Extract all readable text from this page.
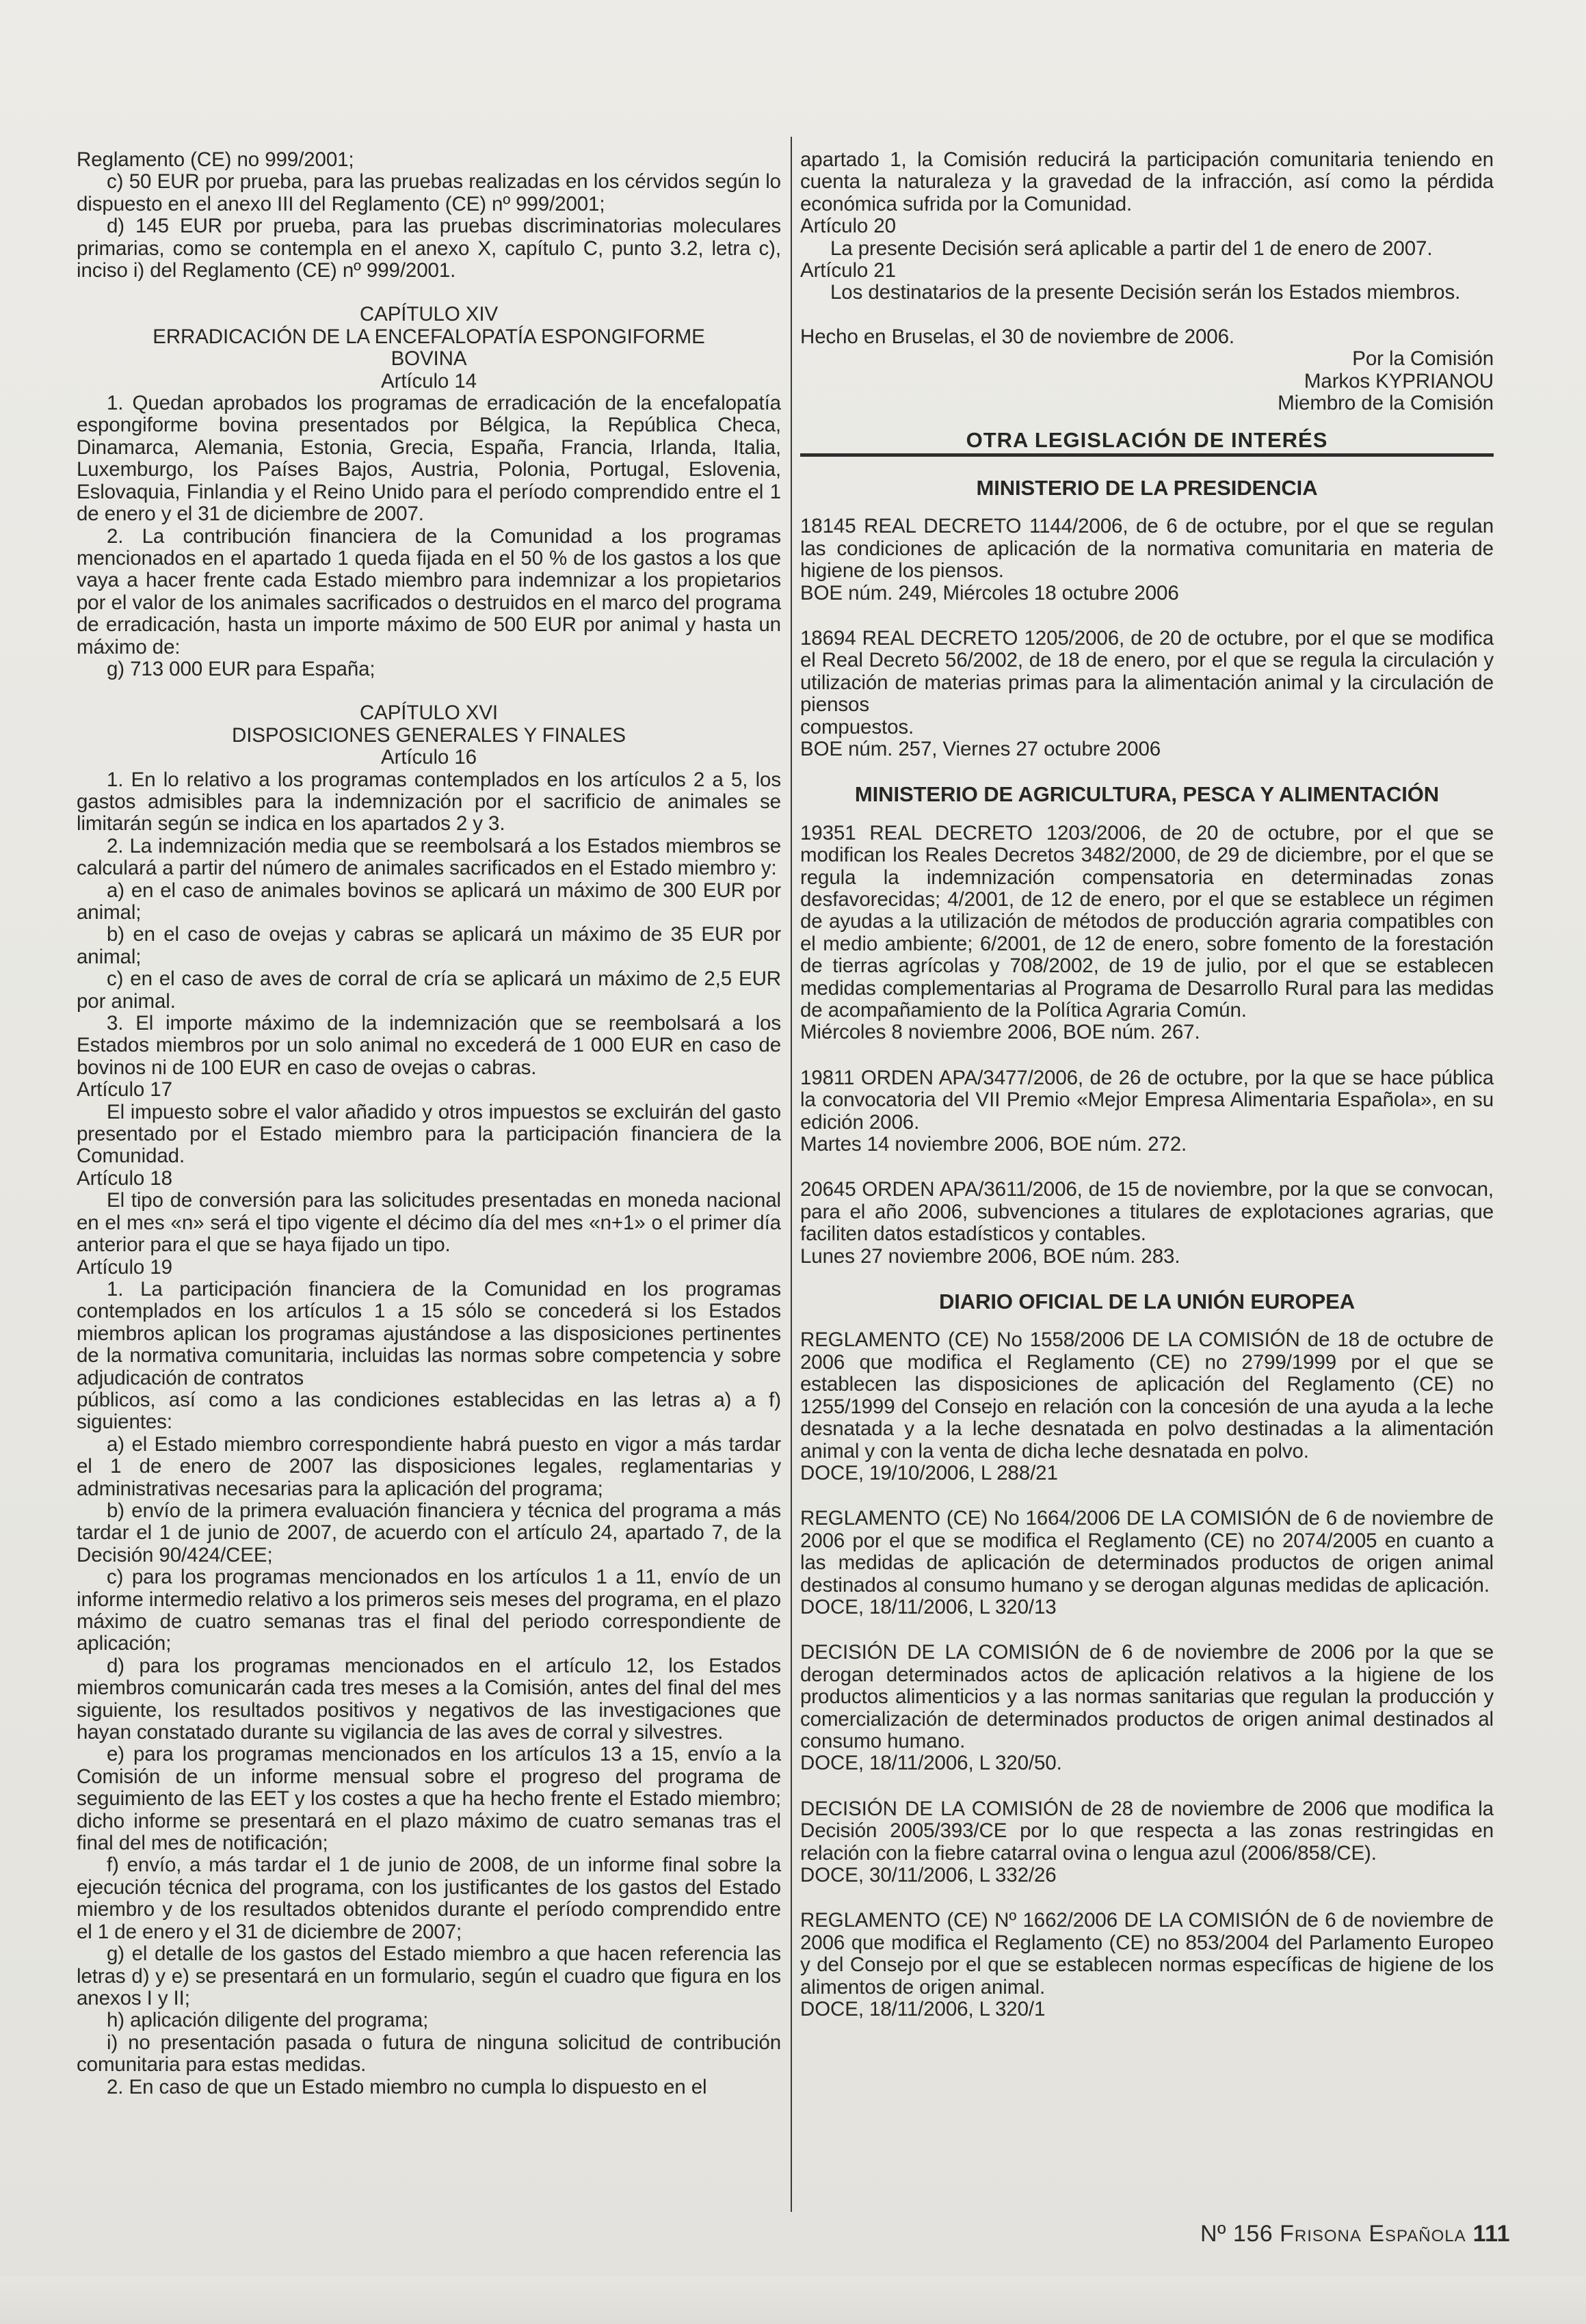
Reglamento (CE) no 999/2001;

c) 50 EUR por prueba, para las pruebas realizadas en los cérvidos según lo dispuesto en el anexo III del Reglamento (CE) nº 999/2001;

d) 145 EUR por prueba, para las pruebas discriminatorias moleculares primarias, como se contempla en el anexo X, capítulo C, punto 3.2, letra c), inciso i) del Reglamento (CE) nº 999/2001.

CAPÍTULO XIV

ERRADICACIÓN DE LA ENCEFALOPATÍA ESPONGIFORME

BOVINA

Artículo 14

1. Quedan aprobados los programas de erradicación de la encefalopatía espongiforme bovina presentados por Bélgica, la República Checa, Dinamarca, Alemania, Estonia, Grecia, España, Francia, Irlanda, Italia, Luxemburgo, los Países Bajos, Austria, Polonia, Portugal, Eslovenia, Eslovaquia, Finlandia y el Reino Unido para el período comprendido entre el 1 de enero y el 31 de diciembre de 2007.

2. La contribución financiera de la Comunidad a los programas mencionados en el apartado 1 queda fijada en el 50 % de los gastos a los que vaya a hacer frente cada Estado miembro para indemnizar a los propietarios por el valor de los animales sacrificados o destruidos en el marco del programa de erradicación, hasta un importe máximo de 500 EUR por animal y hasta un máximo de:

g) 713 000 EUR para España;

CAPÍTULO XVI

DISPOSICIONES GENERALES Y FINALES

Artículo 16

1. En lo relativo a los programas contemplados en los artículos 2 a 5, los gastos admisibles para la indemnización por el sacrificio de animales se limitarán según se indica en los apartados 2 y 3.

2. La indemnización media que se reembolsará a los Estados miembros se calculará a partir del número de animales sacrificados en el Estado miembro y:

a) en el caso de animales bovinos se aplicará un máximo de 300 EUR por animal;

b) en el caso de ovejas y cabras se aplicará un máximo de 35 EUR por animal;

c) en el caso de aves de corral de cría se aplicará un máximo de 2,5 EUR por animal.

3. El importe máximo de la indemnización que se reembolsará a los Estados miembros por un solo animal no excederá de 1 000 EUR en caso de bovinos ni de 100 EUR en caso de ovejas o cabras.

Artículo 17

El impuesto sobre el valor añadido y otros impuestos se excluirán del gasto presentado por el Estado miembro para la participación financiera de la Comunidad.

Artículo 18

El tipo de conversión para las solicitudes presentadas en moneda nacional en el mes «n» será el tipo vigente el décimo día del mes «n+1» o el primer día anterior para el que se haya fijado un tipo.

Artículo 19

1. La participación financiera de la Comunidad en los programas contemplados en los artículos 1 a 15 sólo se concederá si los Estados miembros aplican los programas ajustándose a las disposiciones pertinentes de la normativa comunitaria, incluidas las normas sobre competencia y sobre adjudicación de contratos

públicos, así como a las condiciones establecidas en las letras a) a f) siguientes:

a) el Estado miembro correspondiente habrá puesto en vigor a más tardar el 1 de enero de 2007 las disposiciones legales, reglamentarias y administrativas necesarias para la aplicación del programa;

b) envío de la primera evaluación financiera y técnica del programa a más tardar el 1 de junio de 2007, de acuerdo con el artículo 24, apartado 7, de la Decisión 90/424/CEE;

c) para los programas mencionados en los artículos 1 a 11, envío de un informe intermedio relativo a los primeros seis meses del programa, en el plazo máximo de cuatro semanas tras el final del periodo correspondiente de aplicación;

d) para los programas mencionados en el artículo 12, los Estados miembros comunicarán cada tres meses a la Comisión, antes del final del mes siguiente, los resultados positivos y negativos de las investigaciones que hayan constatado durante su vigilancia de las aves de corral y silvestres.

e) para los programas mencionados en los artículos 13 a 15, envío a la Comisión de un informe mensual sobre el progreso del programa de seguimiento de las EET y los costes a que ha hecho frente el Estado miembro; dicho informe se presentará en el plazo máximo de cuatro semanas tras el final del mes de notificación;

f) envío, a más tardar el 1 de junio de 2008, de un informe final sobre la ejecución técnica del programa, con los justificantes de los gastos del Estado miembro y de los resultados obtenidos durante el período comprendido entre el 1 de enero y el 31 de diciembre de 2007;

g) el detalle de los gastos del Estado miembro a que hacen referencia las letras d) y e) se presentará en un formulario, según el cuadro que figura en los anexos I y II;

h) aplicación diligente del programa;

i) no presentación pasada o futura de ninguna solicitud de contribución comunitaria para estas medidas.

2. En caso de que un Estado miembro no cumpla lo dispuesto en el

apartado 1, la Comisión reducirá la participación comunitaria teniendo en cuenta la naturaleza y la gravedad de la infracción, así como la pérdida económica sufrida por la Comunidad.

Artículo 20

La presente Decisión será aplicable a partir del 1 de enero de 2007.

Artículo 21

Los destinatarios de la presente Decisión serán los Estados miembros.

Hecho en Bruselas, el 30 de noviembre de 2006.

Por la Comisión

Markos KYPRIANOU

Miembro de la Comisión

OTRA LEGISLACIÓN DE INTERÉS
MINISTERIO DE LA PRESIDENCIA

18145 REAL DECRETO 1144/2006, de 6 de octubre, por el que se regulan las condiciones de aplicación de la normativa comunitaria en materia de higiene de los piensos.

BOE núm. 249, Miércoles 18 octubre 2006

18694 REAL DECRETO 1205/2006, de 20 de octubre, por el que se modifica el Real Decreto 56/2002, de 18 de enero, por el que se regula la circulación y utilización de materias primas para la alimentación animal y la circulación de piensos

compuestos.

BOE núm. 257, Viernes 27 octubre 2006

MINISTERIO DE AGRICULTURA, PESCA Y ALIMENTACIÓN

19351 REAL DECRETO 1203/2006, de 20 de octubre, por el que se modifican los Reales Decretos 3482/2000, de 29 de diciembre, por el que se regula la indemnización compensatoria en determinadas zonas desfavorecidas; 4/2001, de 12 de enero, por el que se establece un régimen de ayudas a la utilización de métodos de producción agraria compatibles con el medio ambiente; 6/2001, de 12 de enero, sobre fomento de la forestación de tierras agrícolas y 708/2002, de 19 de julio, por el que se establecen medidas complementarias al Programa de Desarrollo Rural para las medidas de acompañamiento de la Política Agraria Común.

Miércoles 8 noviembre 2006, BOE núm. 267.

19811 ORDEN APA/3477/2006, de 26 de octubre, por la que se hace pública la convocatoria del VII Premio «Mejor Empresa Alimentaria Española», en su edición 2006.

Martes 14 noviembre 2006, BOE núm. 272.

20645 ORDEN APA/3611/2006, de 15 de noviembre, por la que se convocan, para el año 2006, subvenciones a titulares de explotaciones agrarias, que faciliten datos estadísticos y contables.

Lunes 27 noviembre 2006, BOE núm. 283.

DIARIO OFICIAL DE LA UNIÓN EUROPEA

REGLAMENTO (CE) No 1558/2006 DE LA COMISIÓN de 18 de octubre de 2006 que modifica el Reglamento (CE) no 2799/1999 por el que se establecen las disposiciones de aplicación del Reglamento (CE) no 1255/1999 del Consejo en relación con la concesión de una ayuda a la leche desnatada y a la leche desnatada en polvo destinadas a la alimentación animal y con la venta de dicha leche desnatada en polvo.

DOCE, 19/10/2006, L 288/21

REGLAMENTO (CE) No 1664/2006 DE LA COMISIÓN de 6 de noviembre de 2006 por el que se modifica el Reglamento (CE) no 2074/2005 en cuanto a las medidas de aplicación de determinados productos de origen animal destinados al consumo humano y se derogan algunas medidas de aplicación.

DOCE, 18/11/2006, L 320/13

DECISIÓN DE LA COMISIÓN de 6 de noviembre de 2006 por la que se derogan determinados actos de aplicación relativos a la higiene de los productos alimenticios y a las normas sanitarias que regulan la producción y comercialización de determinados productos de origen animal destinados al consumo humano.

DOCE, 18/11/2006, L 320/50.

DECISIÓN DE LA COMISIÓN de 28 de noviembre de 2006 que modifica la Decisión 2005/393/CE por lo que respecta a las zonas restringidas en relación con la fiebre catarral ovina o lengua azul (2006/858/CE).

DOCE, 30/11/2006, L 332/26

REGLAMENTO (CE) Nº 1662/2006 DE LA COMISIÓN de 6 de noviembre de 2006 que modifica el Reglamento (CE) no 853/2004 del Parlamento Europeo y del Consejo por el que se establecen normas específicas de higiene de los alimentos de origen animal.

DOCE, 18/11/2006, L 320/1

Nº 156 Frisona Española 111
